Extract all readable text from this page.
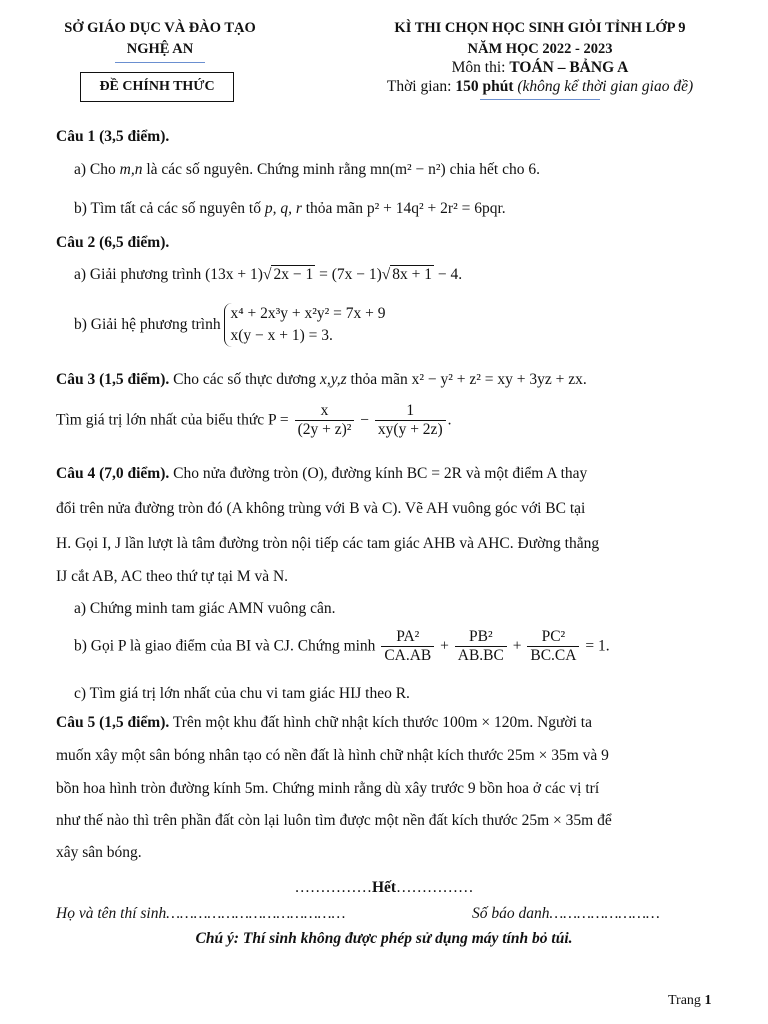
SỞ GIÁO DỤC VÀ ĐÀO TẠO
NGHỆ AN
ĐỀ CHÍNH THỨC
KÌ THI CHỌN HỌC SINH GIỎI TỈNH LỚP 9
NĂM HỌC 2022 - 2023
Môn thi: TOÁN – BẢNG A
Thời gian: 150 phút (không kể thời gian giao đề)
Câu 1 (3,5 điểm).
a) Cho m,n là các số nguyên. Chứng minh rằng mn(m² − n²) chia hết cho 6.
b) Tìm tất cả các số nguyên tố p, q, r thỏa mãn p² + 14q² + 2r² = 6pqr.
Câu 2 (6,5 điểm).
a) Giải phương trình (13x + 1)√ 2x − 1 = (7x − 1)√ 8x + 1 − 4.
b) Giải hệ phương trình
x⁴ + 2x³y + x²y² = 7x + 9
x(y − x + 1) = 3.
Câu 3 (1,5 điểm). Cho các số thực dương x,y,z thỏa mãn x² − y² + z² = xy + 3yz + zx.
Tìm giá trị lớn nhất của biểu thức $P = \frac{x}{\text{(2y + z)²}} - \frac{1}{xy(y + 2z)}$ .
Câu 4 (7,0 điểm). Cho nửa đường tròn (O), đường kính BC = 2R và một điểm A thay
đổi trên nửa đường tròn đó (A không trùng với B và C). Vẽ AH vuông góc với BC tại
H. Gọi I, J lần lượt là tâm đường tròn nội tiếp các tam giác AHB và AHC. Đường thẳng
IJ cắt AB, AC theo thứ tự tại M và N.
a) Chứng minh tam giác AMN vuông cân.
b) Gọi P là giao điểm của BI và CJ. Chứng minh $\frac{\text{PA²}}{CA.AB} + \frac{\text{PB²}}{AB.BC} + \frac{\text{PC²}}{BC.CA} = 1$.
c) Tìm giá trị lớn nhất của chu vi tam giác HIJ theo R.
Câu 5 (1,5 điểm). Trên một khu đất hình chữ nhật kích thước 100m × 120m. Người ta
muốn xây một sân bóng nhân tạo có nền đất là hình chữ nhật kích thước 25m × 35m và 9
bồn hoa hình tròn đường kính 5m. Chứng minh rằng dù xây trước 9 bồn hoa ở các vị trí
như thế nào thì trên phần đất còn lại luôn tìm được một nền đất kích thước 25m × 35m để
xây sân bóng.
……………Hết……………
Họ và tên thí sinh…………………………………	Số báo danh……………………
Chú ý: Thí sinh không được phép sử dụng máy tính bỏ túi.
Trang 1
